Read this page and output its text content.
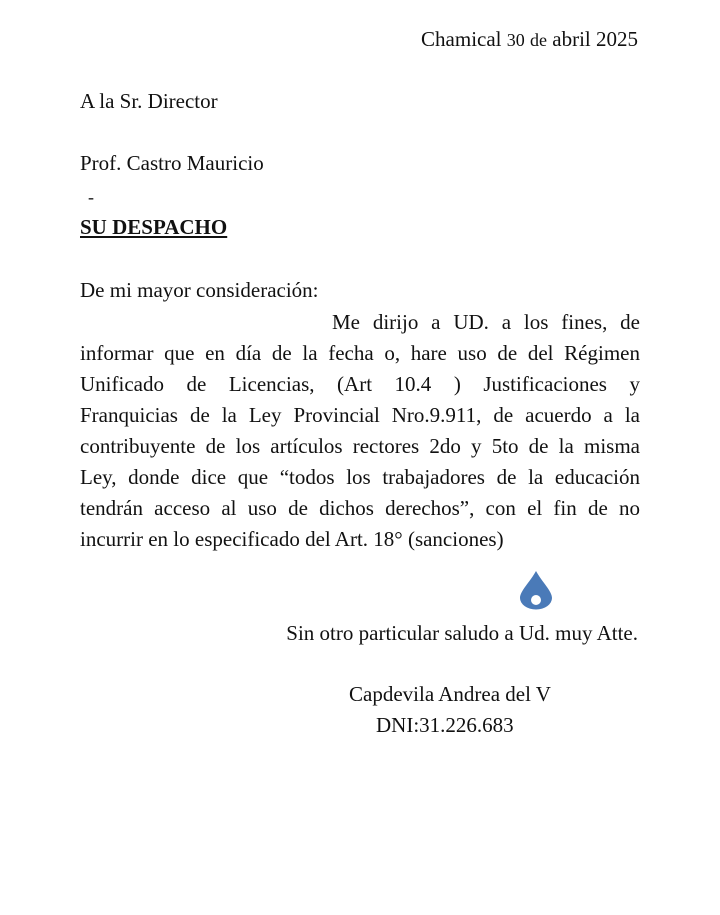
Chamical 30 de abril 2025
A la Sr. Director
Prof. Castro Mauricio
-
SU DESPACHO
De mi mayor consideración:
Me dirijo a UD. a los fines, de
informar que en día de la fecha o, hare uso de del Régimen
Unificado de Licencias, (Art 10.4 ) Justificaciones y
Franquicias de la Ley Provincial Nro.9.911, de acuerdo a la
contribuyente de los artículos rectores 2do y 5to de la misma
Ley, donde dice que “todos los trabajadores de la educación
tendrán acceso al uso de dichos derechos”, con el fin de no
incurrir en lo especificado del Art. 18° (sanciones)
Sin otro particular saludo a Ud. muy Atte.
Capdevila Andrea del V
DNI:31.226.683
